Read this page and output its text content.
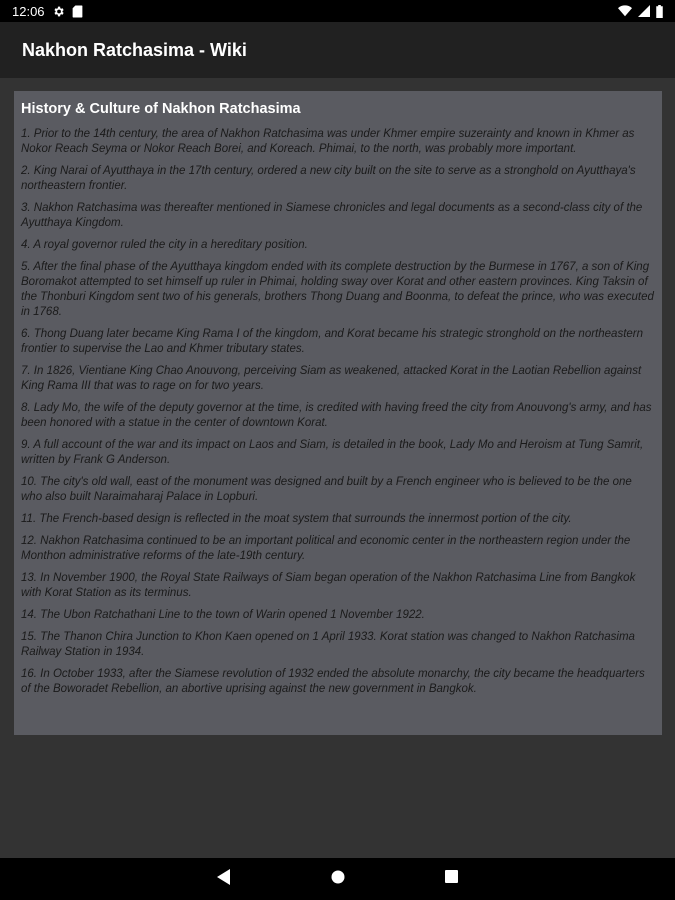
12:06
Nakhon Ratchasima - Wiki
History & Culture of Nakhon Ratchasima

1. Prior to the 14th century, the area of Nakhon Ratchasima was under Khmer empire suzerainty and known in Khmer as Nokor Reach Seyma or Nokor Reach Borei, and Koreach. Phimai, to the north, was probably more important.

2. King Narai of Ayutthaya in the 17th century, ordered a new city built on the site to serve as a stronghold on Ayutthaya's northeastern frontier.

3. Nakhon Ratchasima was thereafter mentioned in Siamese chronicles and legal documents as a second-class city of the Ayutthaya Kingdom.

4. A royal governor ruled the city in a hereditary position.

5. After the final phase of the Ayutthaya kingdom ended with its complete destruction by the Burmese in 1767, a son of King Boromakot attempted to set himself up ruler in Phimai, holding sway over Korat and other eastern provinces. King Taksin of the Thonburi Kingdom sent two of his generals, brothers Thong Duang and Boonma, to defeat the prince, who was executed in 1768.

6. Thong Duang later became King Rama I of the kingdom, and Korat became his strategic stronghold on the northeastern frontier to supervise the Lao and Khmer tributary states.

7. In 1826, Vientiane King Chao Anouvong, perceiving Siam as weakened, attacked Korat in the Laotian Rebellion against King Rama III that was to rage on for two years.

8. Lady Mo, the wife of the deputy governor at the time, is credited with having freed the city from Anouvong's army, and has been honored with a statue in the center of downtown Korat.

9. A full account of the war and its impact on Laos and Siam, is detailed in the book, Lady Mo and Heroism at Tung Samrit, written by Frank G Anderson.

10. The city's old wall, east of the monument was designed and built by a French engineer who is believed to be the one who also built Naraimaharaj Palace in Lopburi.

11. The French-based design is reflected in the moat system that surrounds the innermost portion of the city.

12. Nakhon Ratchasima continued to be an important political and economic center in the northeastern region under the Monthon administrative reforms of the late-19th century.

13. In November 1900, the Royal State Railways of Siam began operation of the Nakhon Ratchasima Line from Bangkok with Korat Station as its terminus.

14. The Ubon Ratchathani Line to the town of Warin opened 1 November 1922.

15. The Thanon Chira Junction to Khon Kaen opened on 1 April 1933. Korat station was changed to Nakhon Ratchasima Railway Station in 1934.

16. In October 1933, after the Siamese revolution of 1932 ended the absolute monarchy, the city became the headquarters of the Boworadet Rebellion, an abortive uprising against the new government in Bangkok.
